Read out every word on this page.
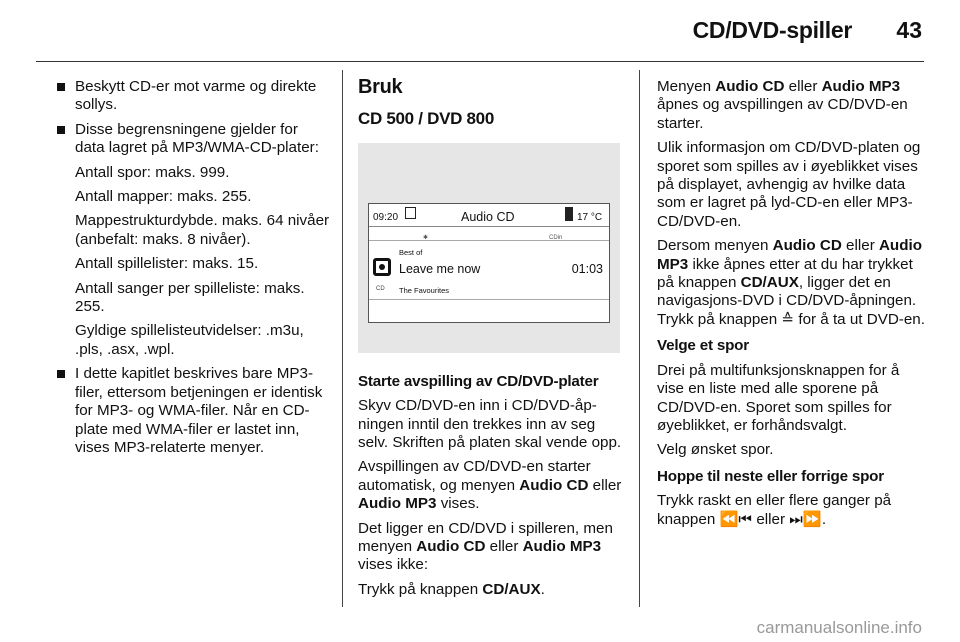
CD/DVD-spiller 43
Beskytt CD-er mot varme og direkte sollys.
Disse begrensningene gjelder for data lagret på MP3/WMA-CD-plater:

Antall spor: maks. 999.

Antall mapper: maks. 255.

Mappestrukturdybde. maks. 64 nivåer (anbefalt: maks. 8 nivåer).

Antall spillelister: maks. 15.

Antall sanger per spilleliste: maks. 255.

Gyldige spillelisteutvidelser: .m3u, .pls, .asx, .wpl.

I dette kapitlet beskrives bare MP3-filer, ettersom betjeningen er identisk for MP3- og WMA-filer. Når en CD-plate med WMA-filer er lastet inn, vises MP3-relaterte menyer.
Bruk
CD 500 / DVD 800
09:20	Audio CD	17 °C
✱	CDin
Best of
CD
Leave me now	01:03
The Favourites

Starte avspilling av CD/DVD-plater

Skyv CD/DVD-en inn i CD/DVD-åpningen inntil den trekkes inn av seg selv. Skriften på platen skal vende opp.

Avspillingen av CD/DVD-en starter automatisk, og menyen Audio CD eller Audio MP3 vises.

Det ligger en CD/DVD i spilleren, men menyen Audio CD eller Audio MP3 vises ikke:

Trykk på knappen CD/AUX.

Menyen Audio CD eller Audio MP3 åpnes og avspillingen av CD/DVD-en starter.

Ulik informasjon om CD/DVD-platen og sporet som spilles av i øyeblikket vises på displayet, avhengig av hvilke data som er lagret på lyd-CD-en eller MP3-CD/DVD-en.

Dersom menyen Audio CD eller Audio MP3 ikke åpnes etter at du har trykket på knappen CD/AUX, ligger det en navigasjons-DVD i CD/DVD-åpningen. Trykk på knappen ≙ for å ta ut DVD-en.

Velge et spor

Drei på multifunksjonsknappen for å vise en liste med alle sporene på CD/DVD-en. Sporet som spilles for øyeblikket, er forhåndsvalgt.

Velg ønsket spor.

Hoppe til neste eller forrige spor

Trykk raskt en eller flere ganger på knappen ⏪⏮ eller ⏭⏩.

carmanualsonline.info
